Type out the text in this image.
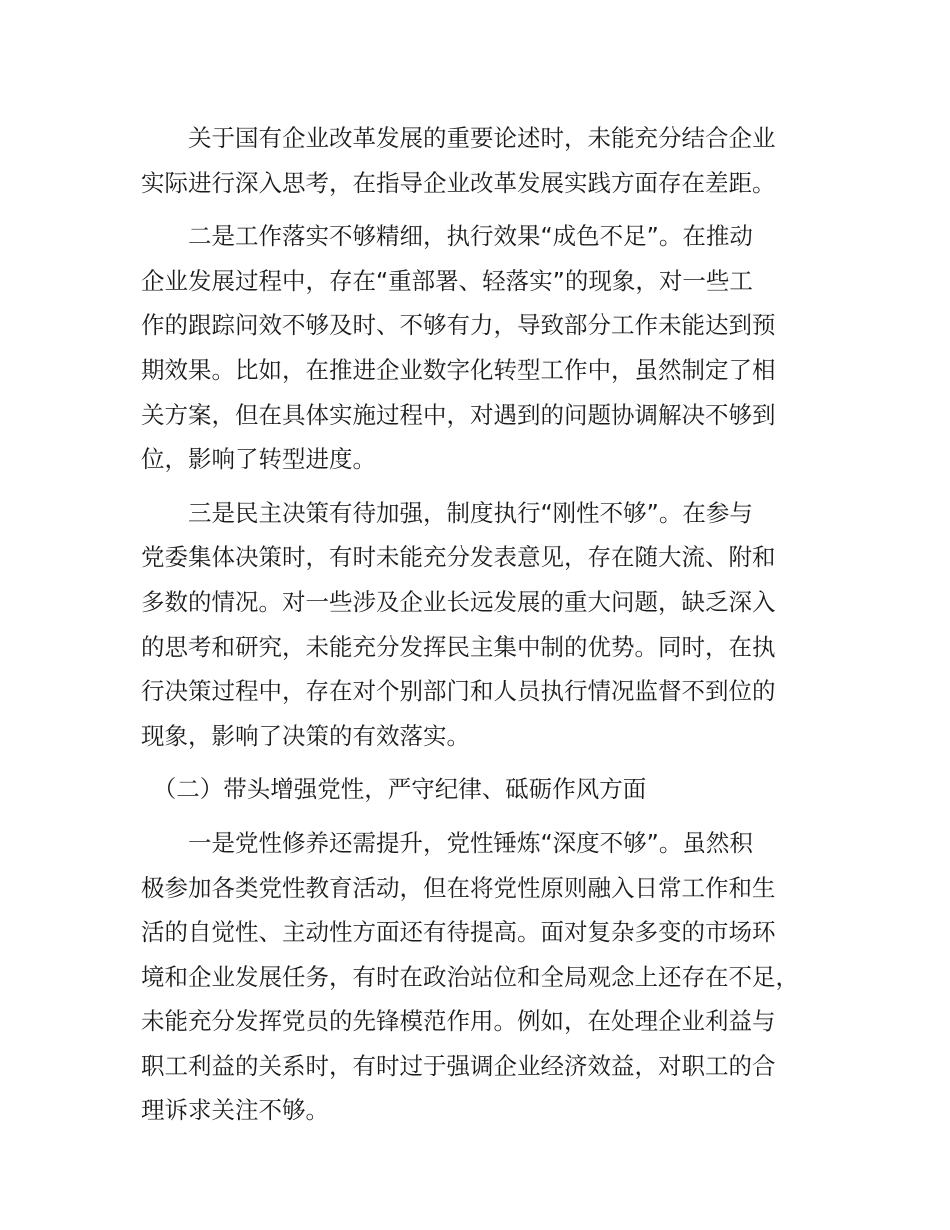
　　关于国有企业改革发展的重要论述时，未能充分结合企业
实际进行深入思考，在指导企业改革发展实践方面存在差距。
　　二是工作落实不够精细，执行效果“成色不足”。在推动
企业发展过程中，存在“重部署、轻落实”的现象，对一些工
作的跟踪问效不够及时、不够有力，导致部分工作未能达到预
期效果。比如，在推进企业数字化转型工作中，虽然制定了相
关方案，但在具体实施过程中，对遇到的问题协调解决不够到
位，影响了转型进度。
　　三是民主决策有待加强，制度执行“刚性不够”。在参与
党委集体决策时，有时未能充分发表意见，存在随大流、附和
多数的情况。对一些涉及企业长远发展的重大问题，缺乏深入
的思考和研究，未能充分发挥民主集中制的优势。同时，在执
行决策过程中，存在对个别部门和人员执行情况监督不到位的
现象，影响了决策的有效落实。
　（二）带头增强党性，严守纪律、砥砺作风方面
　　一是党性修养还需提升，党性锤炼“深度不够”。虽然积
极参加各类党性教育活动，但在将党性原则融入日常工作和生
活的自觉性、主动性方面还有待提高。面对复杂多变的市场环
境和企业发展任务，有时在政治站位和全局观念上还存在不足，
未能充分发挥党员的先锋模范作用。例如，在处理企业利益与
职工利益的关系时，有时过于强调企业经济效益，对职工的合
理诉求关注不够。
